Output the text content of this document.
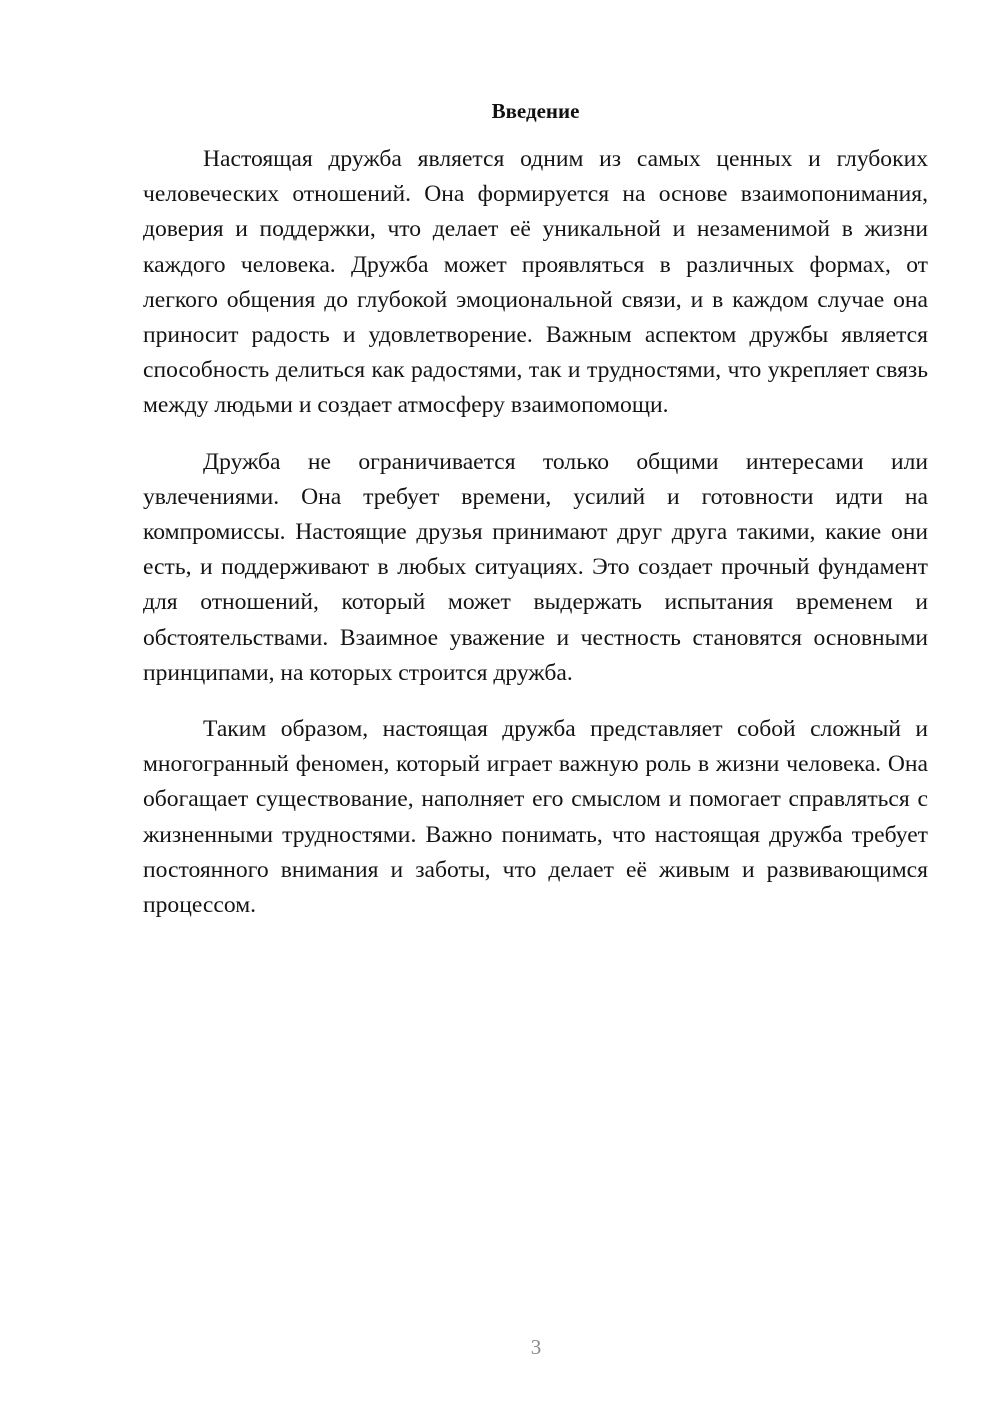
Введение

Настоящая дружба является одним из самых ценных и глубоких человеческих отношений. Она формируется на основе взаимопонимания, доверия и поддержки, что делает её уникальной и незаменимой в жизни каждого человека. Дружба может проявляться в различных формах, от легкого общения до глубокой эмоциональной связи, и в каждом случае она приносит радость и удовлетворение. Важным аспектом дружбы является способность делиться как радостями, так и трудностями, что укрепляет связь между людьми и создает атмосферу взаимопомощи.

Дружба не ограничивается только общими интересами или увлечениями. Она требует времени, усилий и готовности идти на компромиссы. Настоящие друзья принимают друг друга такими, какие они есть, и поддерживают в любых ситуациях. Это создает прочный фундамент для отношений, который может выдержать испытания временем и обстоятельствами. Взаимное уважение и честность становятся основными принципами, на которых строится дружба.

Таким образом, настоящая дружба представляет собой сложный и многогранный феномен, который играет важную роль в жизни человека. Она обогащает существование, наполняет его смыслом и помогает справляться с жизненными трудностями. Важно понимать, что настоящая дружба требует постоянного внимания и заботы, что делает её живым и развивающимся процессом.

3
